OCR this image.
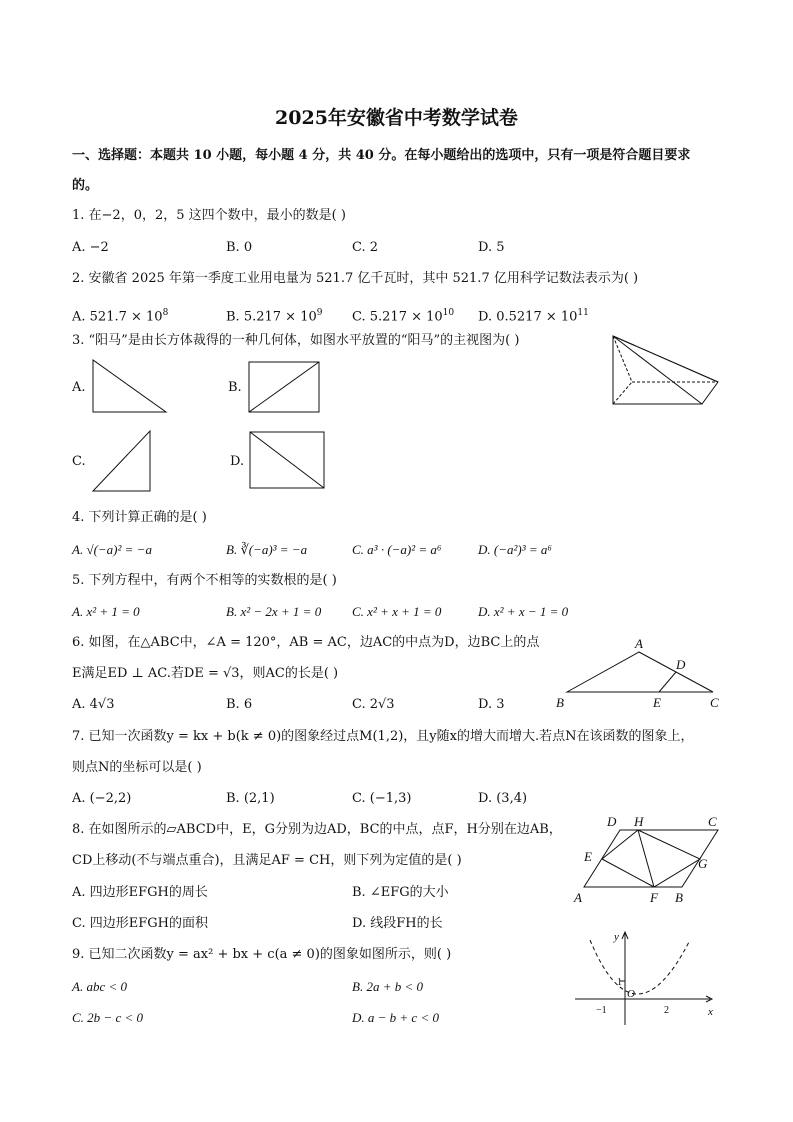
2025年安徽省中考数学试卷
一、选择题：本题共 10 小题，每小题 4 分，共 40 分。在每小题给出的选项中，只有一项是符合题目要求
的。
1. 在−2，0，2，5 这四个数中，最小的数是( )
A. −2	B. 0	C. 2	D. 5
2. 安徽省 2025 年第一季度工业用电量为 521.7 亿千瓦时，其中 521.7 亿用科学记数法表示为( )
A. $521.7 \times 10^8$	B. $5.217 \times 10^9$ C. $5.217 \times 10^{10}$ D. $0.5217 \times 10^{11}$
3. “阳马”是由长方体裁得的一种几何体，如图水平放置的“阳马”的主视图为( )
A.	B.
C.	D.
4. 下列计算正确的是( )
A. √(−a)² = −a	B. ∛(−a)³ = −a	C. a³ · (−a)² = a⁶	D. (−a²)³ = a⁶
5. 下列方程中，有两个不相等的实数根的是( )
A. x² + 1 = 0	B. x² − 2x + 1 = 0 C. x² + x + 1 = 0	D. x² + x − 1 = 0
6. 如图，在△ABC中，∠A = 120°，AB = AC，边AC的中点为D，边BC上的点
E满足ED ⊥ AC.若DE = √3，则AC的长是( )
A. 4√3	B. 6	C. 2√3	D. 3
A
D
B	E	C
7. 已知一次函数y = kx + b(k ≠ 0)的图象经过点M(1,2)，且y随x的增大而增大.若点N在该函数的图象上，
则点N的坐标可以是( )
A. (−2,2)	B. (2,1)	C. (−1,3)	D. (3,4)
8. 在如图所示的▱ABCD中，E，G分别为边AD，BC的中点，点F，H分别在边AB，
CD上移动(不与端点重合)，且满足AF = CH，则下列为定值的是( )
A. 四边形EFGH的周长	B. ∠EFG的大小
C. 四边形EFGH的面积	D. 线段FH的长
D H	C
E	G
A	F B
9. 已知二次函数y = ax² + bx + c(a ≠ 0)的图象如图所示，则( )
A. abc < 0	B. 2a + b < 0
C. 2b − c < 0	D. a − b + c < 0
y
1
O
−1	2	x
